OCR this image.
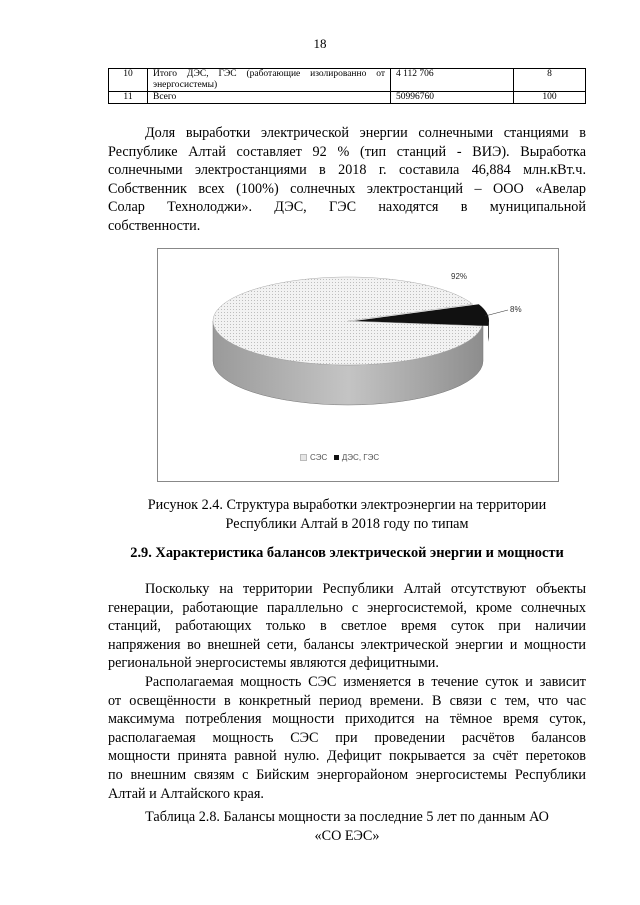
18
10	Итого ДЭС, ГЭС (работающие изолированно от энергосистемы)	4 112 706	8
11	Всего	50996760	100
Доля выработки электрической энергии солнечными станциями в
Республике Алтай составляет 92 % (тип станций - ВИЭ). Выработка
солнечными электростанциями в 2018 г. составила 46,884 млн.кВт.ч.
Собственник всех (100%) солнечных электростанций – ООО «Авелар
Солар Технолоджи». ДЭС, ГЭС находятся в муниципальной
собственности.
92%
8%
СЭС ДЭС, ГЭС
Рисунок 2.4. Структура выработки электроэнергии на территории
Республики Алтай в 2018 году по типам
2.9. Характеристика балансов электрической энергии и мощности
Поскольку на территории Республики Алтай отсутствуют объекты
генерации, работающие параллельно с энергосистемой, кроме солнечных
станций, работающих только в светлое время суток при наличии
напряжения во внешней сети, балансы электрической энергии и мощности
региональной энергосистемы являются дефицитными.
Располагаемая мощность СЭС изменяется в течение суток и зависит
от освещённости в конкретный период времени. В связи с тем, что час
максимума потребления мощности приходится на тёмное время суток,
располагаемая мощность СЭС при проведении расчётов балансов
мощности принята равной нулю. Дефицит покрывается за счёт перетоков
по внешним связям с Бийским энергорайоном энергосистемы Республики
Алтай и Алтайского края.
Таблица 2.8. Балансы мощности за последние 5 лет по данным АО
«СО ЕЭС»
